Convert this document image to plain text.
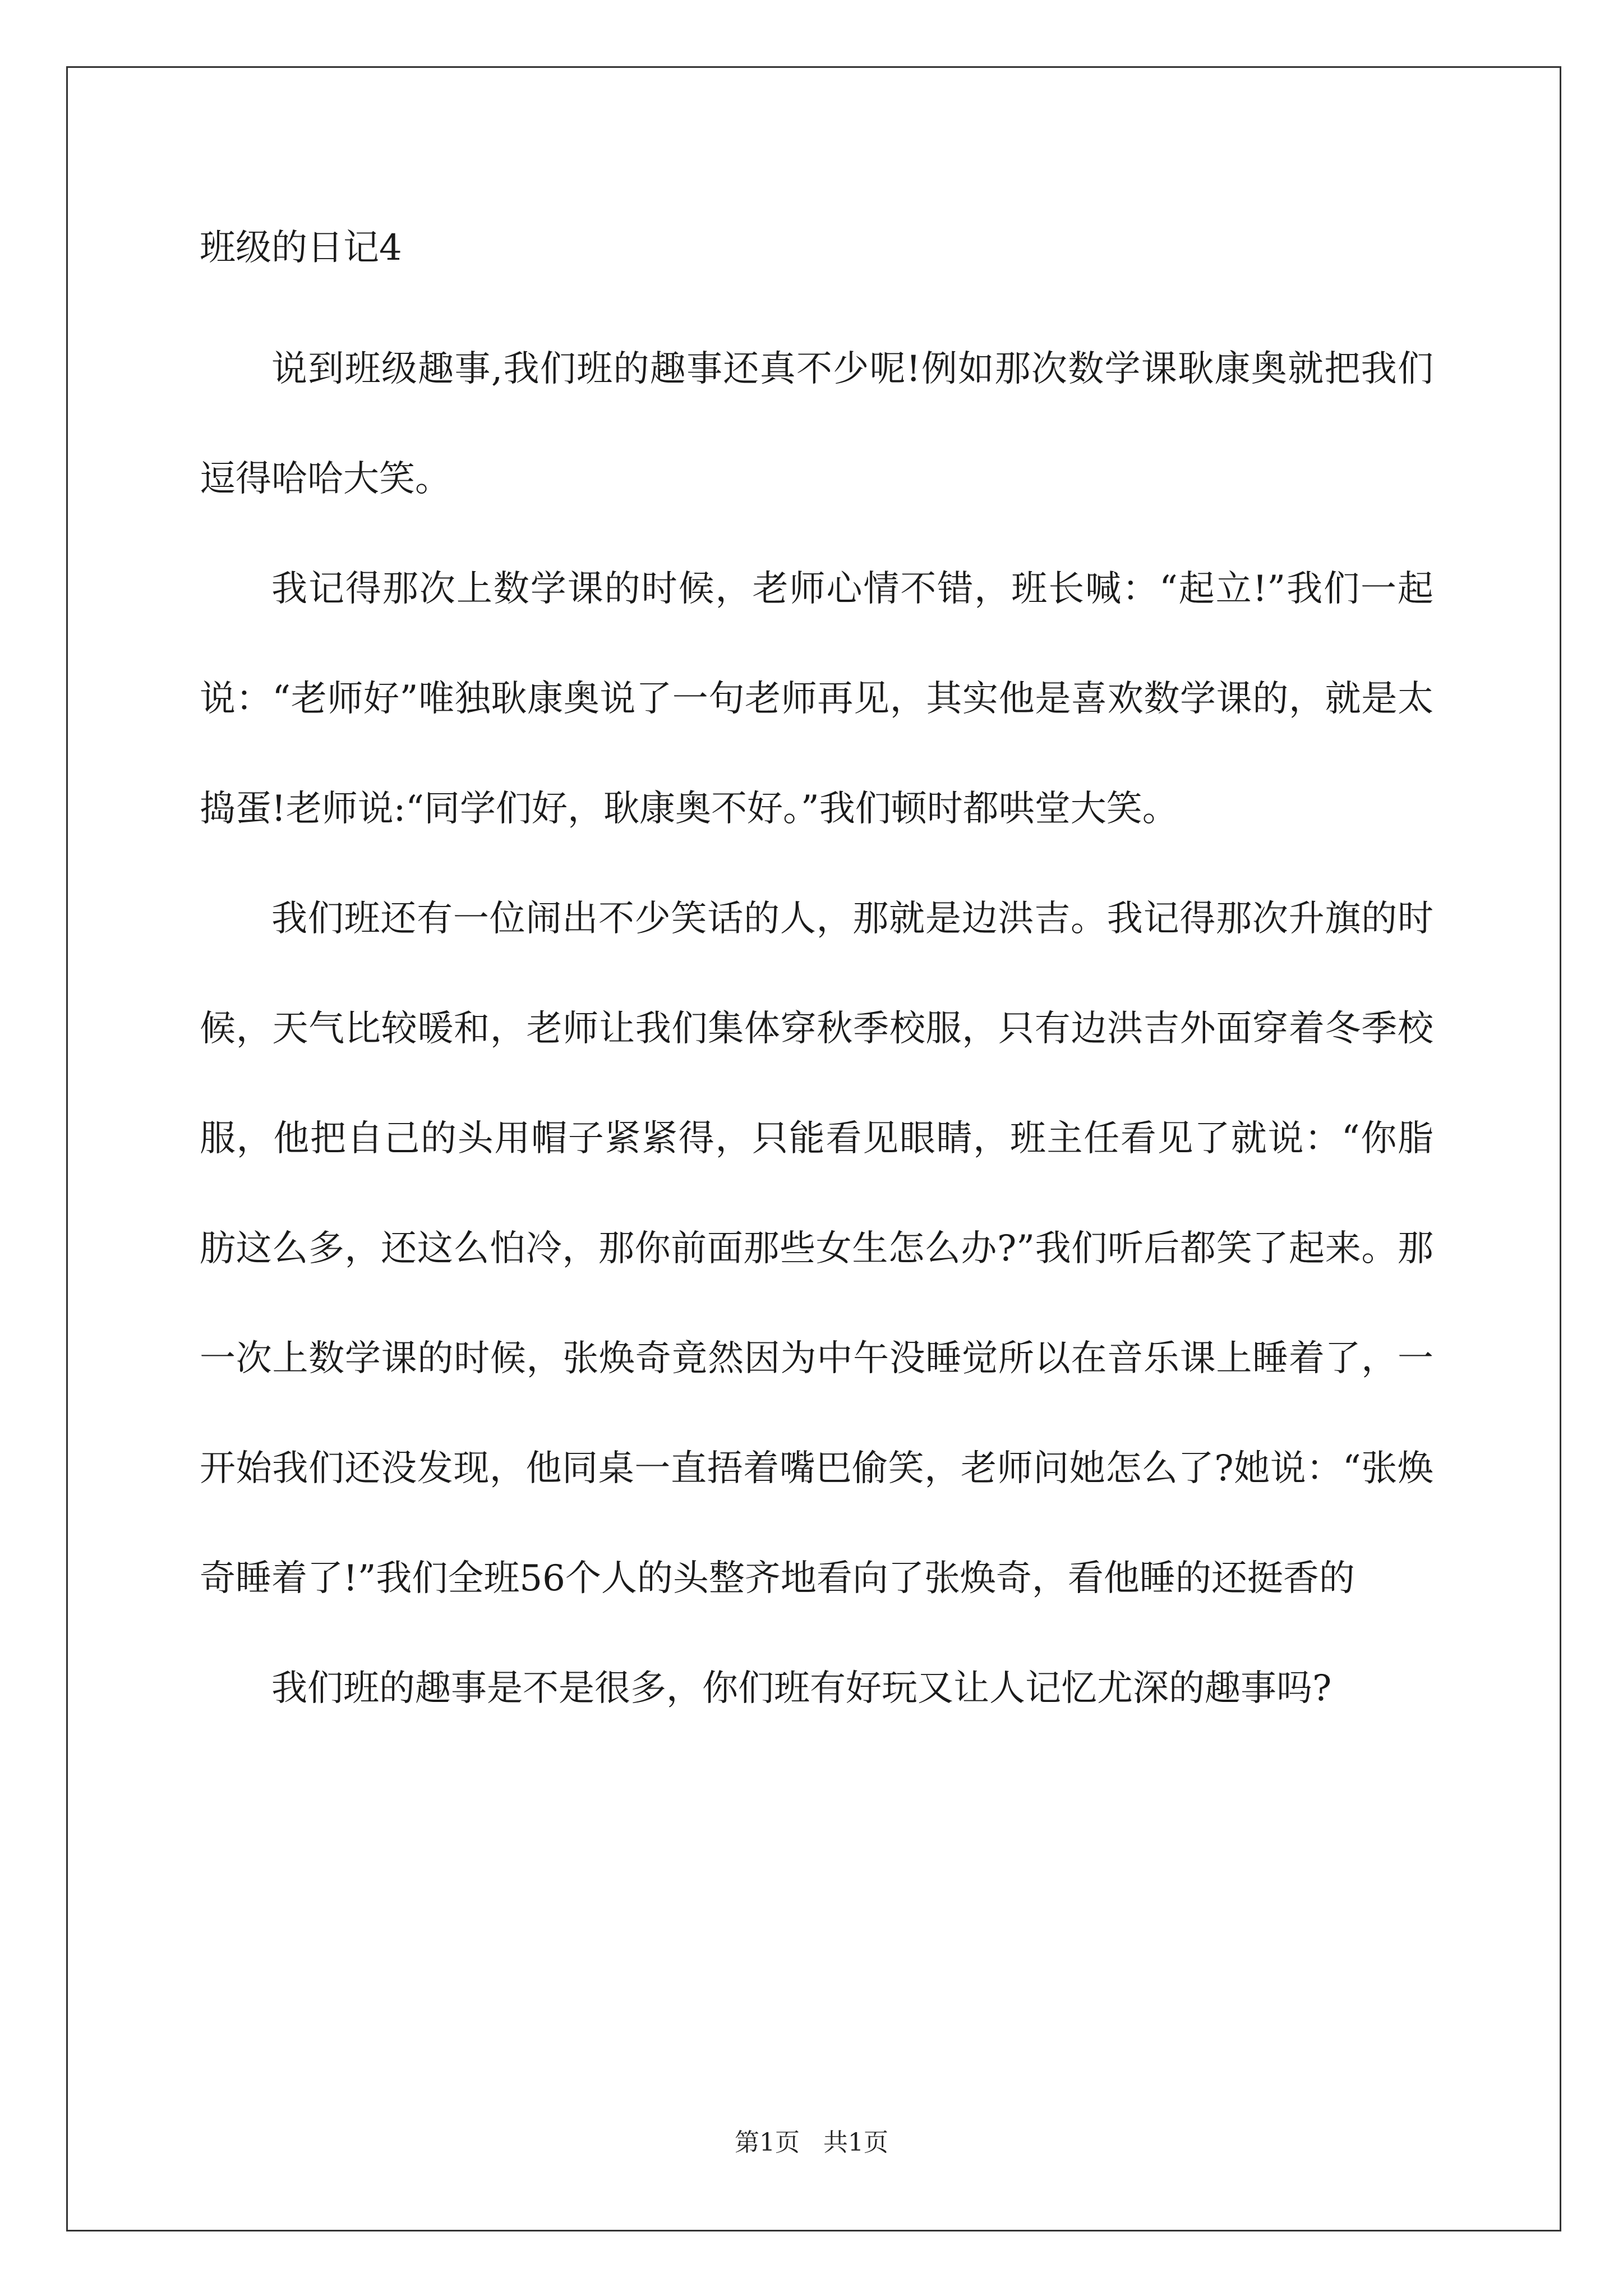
班级的日记4

说到班级趣事,我们班的趣事还真不少呢!例如那次数学课耿康奥就把我们逗得哈哈大笑。

我记得那次上数学课的时候，老师心情不错，班长喊：“起立!”我们一起说：“老师好”唯独耿康奥说了一句老师再见，其实他是喜欢数学课的，就是太捣蛋!老师说:“同学们好，耿康奥不好。”我们顿时都哄堂大笑。

我们班还有一位闹出不少笑话的人，那就是边洪吉。我记得那次升旗的时候，天气比较暖和，老师让我们集体穿秋季校服，只有边洪吉外面穿着冬季校服，他把自己的头用帽子紧紧得，只能看见眼睛，班主任看见了就说：“你脂肪这么多，还这么怕冷，那你前面那些女生怎么办?”我们听后都笑了起来。那一次上数学课的时候，张焕奇竟然因为中午没睡觉所以在音乐课上睡着了，一开始我们还没发现，他同桌一直捂着嘴巴偷笑，老师问她怎么了?她说：“张焕奇睡着了!”我们全班56个人的头整齐地看向了张焕奇，看他睡的还挺香的

我们班的趣事是不是很多，你们班有好玩又让人记忆尤深的趣事吗?

第1页   共1页
